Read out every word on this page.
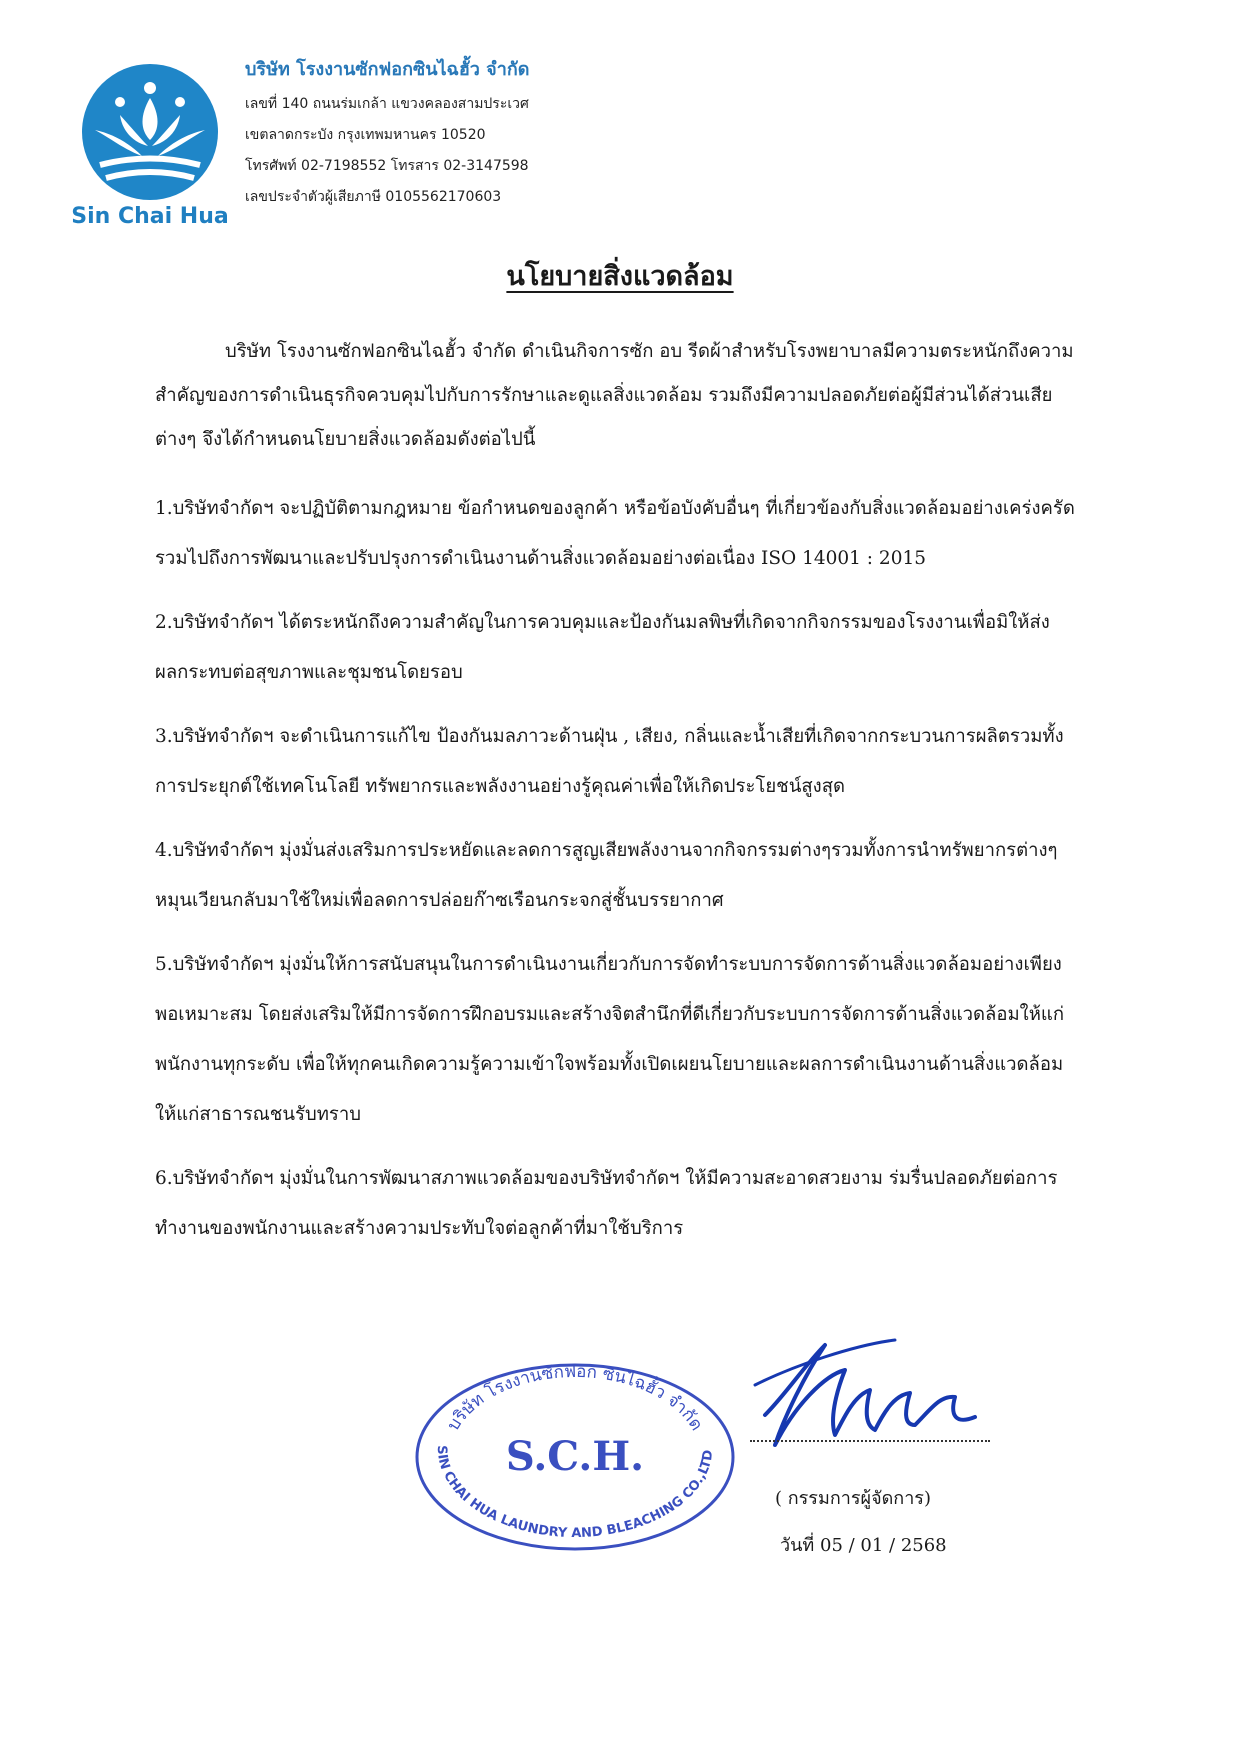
Sin Chai Hua
บริษัท โรงงานซักฟอกซินไฉฮั้ว จำกัด
เลขที่ 140 ถนนร่มเกล้า แขวงคลองสามประเวศ
เขตลาดกระบัง กรุงเทพมหานคร 10520
โทรศัพท์ 02-7198552 โทรสาร 02-3147598
เลขประจำตัวผู้เสียภาษี 0105562170603
นโยบายสิ่งแวดล้อม

บริษัท โรงงานซักฟอกซินไฉฮั้ว จำกัด ดำเนินกิจการซัก อบ รีดผ้าสำหรับโรงพยาบาลมีความตระหนักถึงความสำคัญของการดำเนินธุรกิจควบคุมไปกับการรักษาและดูแลสิ่งแวดล้อม รวมถึงมีความปลอดภัยต่อผู้มีส่วนได้ส่วนเสียต่างๆ จึงได้กำหนดนโยบายสิ่งแวดล้อมดังต่อไปนี้

1.บริษัทจำกัดฯ จะปฏิบัติตามกฎหมาย ข้อกำหนดของลูกค้า หรือข้อบังคับอื่นๆ ที่เกี่ยวข้องกับสิ่งแวดล้อมอย่างเคร่งครัด รวมไปถึงการพัฒนาและปรับปรุงการดำเนินงานด้านสิ่งแวดล้อมอย่างต่อเนื่อง ISO 14001 : 2015

2.บริษัทจำกัดฯ ได้ตระหนักถึงความสำคัญในการควบคุมและป้องกันมลพิษที่เกิดจากกิจกรรมของโรงงานเพื่อมิให้ส่งผลกระทบต่อสุขภาพและชุมชนโดยรอบ

3.บริษัทจำกัดฯ จะดำเนินการแก้ไข ป้องกันมลภาวะด้านฝุ่น , เสียง, กลิ่นและน้ำเสียที่เกิดจากกระบวนการผลิตรวมทั้งการประยุกต์ใช้เทคโนโลยี ทรัพยากรและพลังงานอย่างรู้คุณค่าเพื่อให้เกิดประโยชน์สูงสุด

4.บริษัทจำกัดฯ มุ่งมั่นส่งเสริมการประหยัดและลดการสูญเสียพลังงานจากกิจกรรมต่างๆรวมทั้งการนำทรัพยากรต่างๆหมุนเวียนกลับมาใช้ใหม่เพื่อลดการปล่อยก๊าซเรือนกระจกสู่ชั้นบรรยากาศ

5.บริษัทจำกัดฯ มุ่งมั่นให้การสนับสนุนในการดำเนินงานเกี่ยวกับการจัดทำระบบการจัดการด้านสิ่งแวดล้อมอย่างเพียงพอเหมาะสม โดยส่งเสริมให้มีการจัดการฝึกอบรมและสร้างจิตสำนึกที่ดีเกี่ยวกับระบบการจัดการด้านสิ่งแวดล้อมให้แก่พนักงานทุกระดับ เพื่อให้ทุกคนเกิดความรู้ความเข้าใจพร้อมทั้งเปิดเผยนโยบายและผลการดำเนินงานด้านสิ่งแวดล้อมให้แก่สาธารณชนรับทราบ

6.บริษัทจำกัดฯ มุ่งมั่นในการพัฒนาสภาพแวดล้อมของบริษัทจำกัดฯ ให้มีความสะอาดสวยงาม ร่มรื่นปลอดภัยต่อการทำงานของพนักงานและสร้างความประทับใจต่อลูกค้าที่มาใช้บริการ

บริษัท โรงงานซักฟอก ซินไฉฮั้ว จำกัด
S.C.H.
SIN CHAI HUA LAUNDRY AND BLEACHING CO.,LTD
( กรรมการผู้จัดการ)
วันที่ 05 / 01 / 2568
